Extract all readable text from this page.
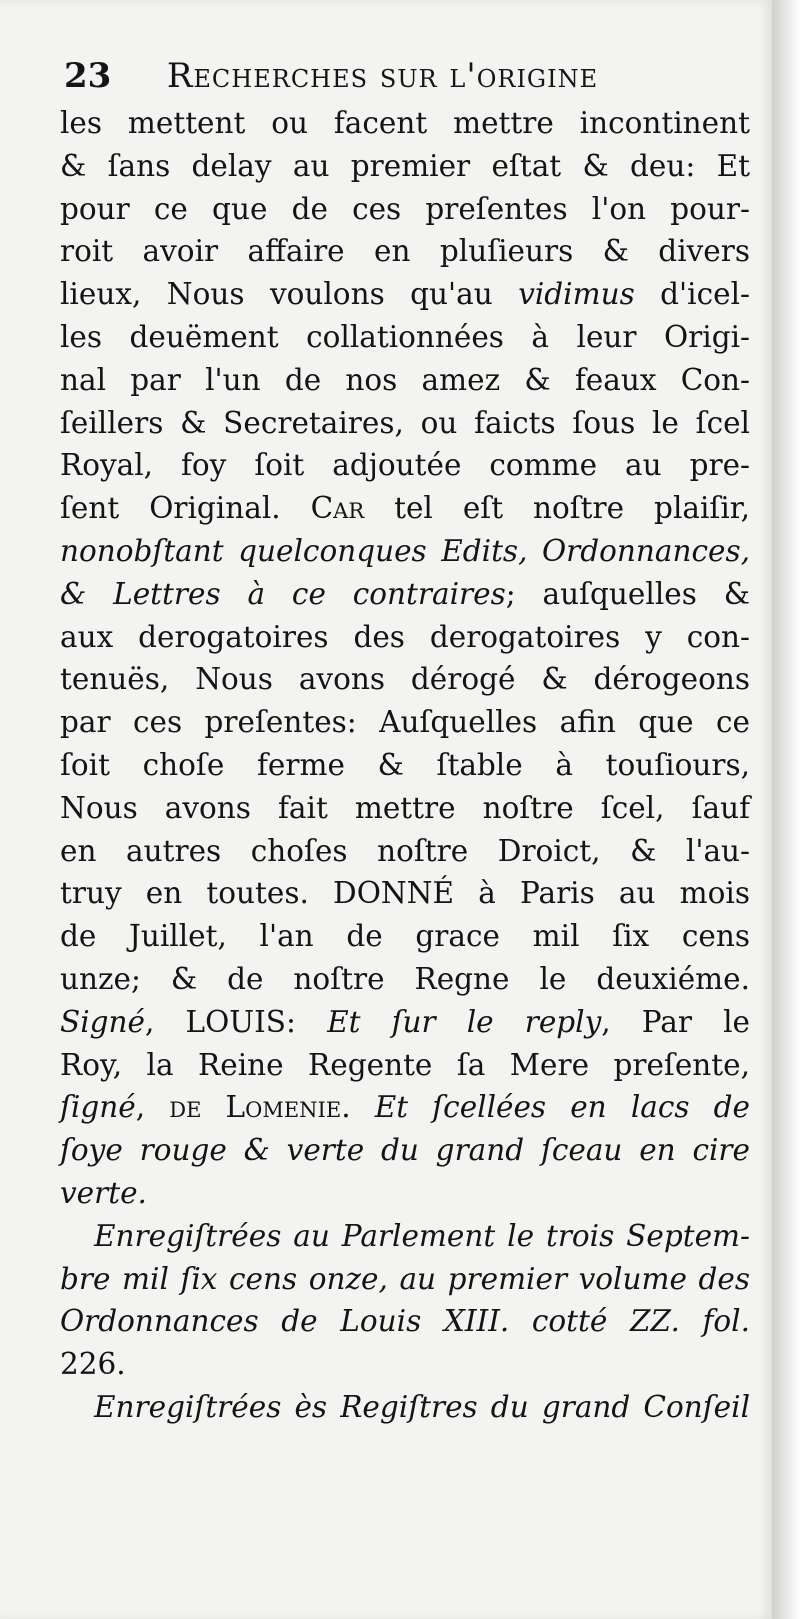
23 Recherches sur l'origine
les mettent ou facent mettre incontinent
& ſans delay au premier eſtat & deu: Et
pour ce que de ces preſentes l'on pour-
roit avoir affaire en pluſieurs & divers
lieux, Nous voulons qu'au vidimus d'icel-
les deuëment collationnées à leur Origi-
nal par l'un de nos amez & feaux Con-
ſeillers & Secretaires, ou faicts ſous le ſcel
Royal, foy ſoit adjoutée comme au pre-
ſent Original. Car tel eſt noſtre plaiſir,
nonobſtant quelconques Edits, Ordonnances,
& Lettres à ce contraires; auſquelles &
aux derogatoires des derogatoires y con-
tenuës, Nous avons dérogé & dérogeons
par ces preſentes: Auſquelles afin que ce
ſoit choſe ferme & ſtable à touſiours,
Nous avons fait mettre noſtre ſcel, ſauf
en autres choſes noſtre Droict, & l'au-
truy en toutes. DONNÉ à Paris au mois
de Juillet, l'an de grace mil ſix cens
unze; & de noſtre Regne le deuxiéme.
Signé, LOUIS: Et ſur le reply, Par le
Roy, la Reine Regente ſa Mere preſente,
ſigné, de Lomenie. Et ſcellées en lacs de
ſoye rouge & verte du grand ſceau en cire
verte.
Enregiſtrées au Parlement le trois Septem-
bre mil ſix cens onze, au premier volume des
Ordonnances de Louis XIII. cotté ZZ. fol.
226.
Enregiſtrées ès Regiſtres du grand Conſeil
